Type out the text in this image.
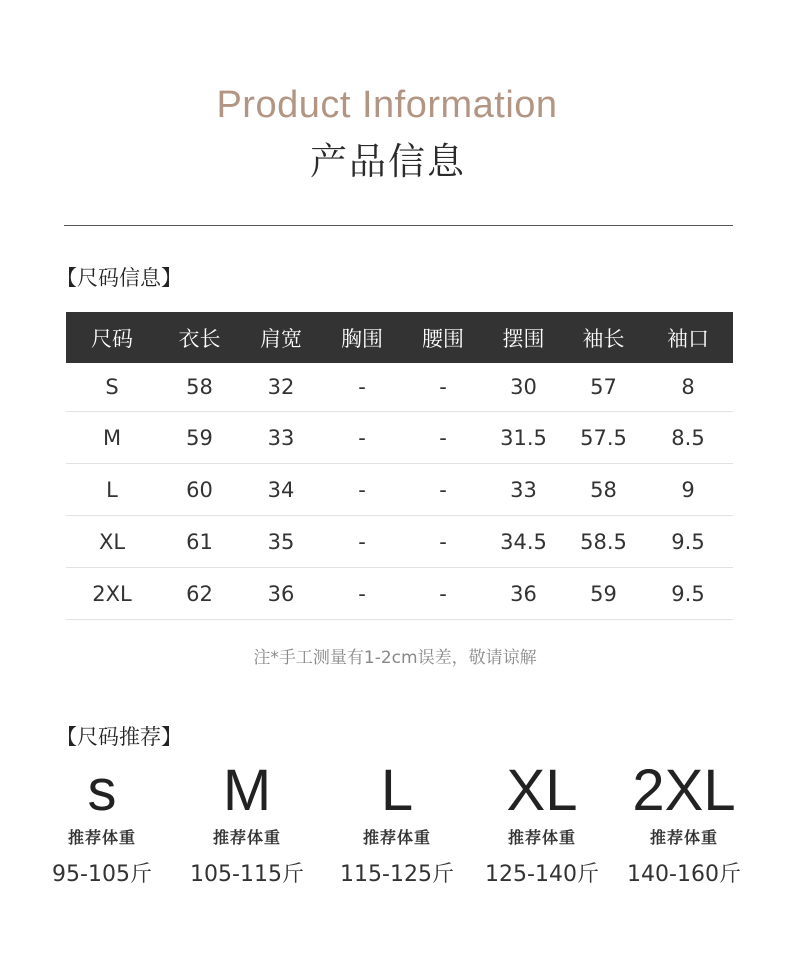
Product Information
产品信息
【尺码信息】
尺码	衣长	肩宽	胸围	腰围	摆围	袖长	袖口
S	58	32	-	-	30	57	8
M	59	33	-	-	31.5	57.5	8.5
L	60	34	-	-	33	58	9
XL	61	35	-	-	34.5	58.5	9.5
2XL	62	36	-	-	36	59	9.5
注*手工测量有1-2cm误差，敬请谅解
【尺码推荐】
s
推荐体重
95-105斤
M
推荐体重
105-115斤
L
推荐体重
115-125斤
XL
推荐体重
125-140斤
2XL
推荐体重
140-160斤
